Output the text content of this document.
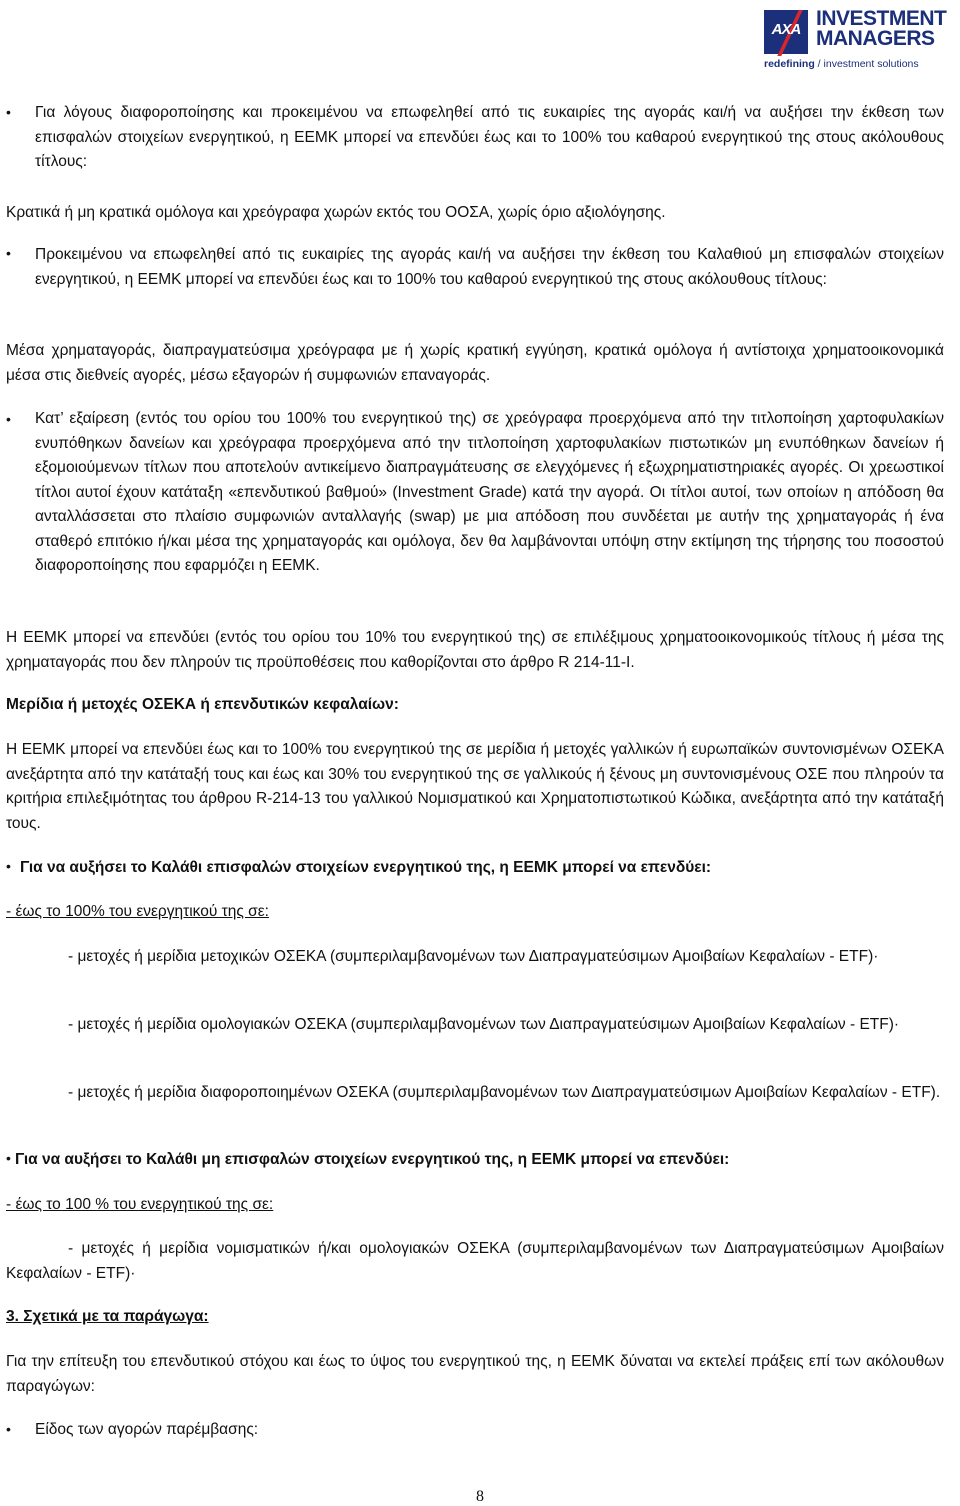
AXA INVESTMENT
MANAGERS
redefining / investment solutions
•	Για λόγους διαφοροποίησης και προκειμένου να επωφεληθεί από τις ευκαιρίες της αγοράς και/ή να αυξήσει την έκθεση των επισφαλών στοιχείων ενεργητικού, η ΕΕΜΚ μπορεί να επενδύει έως και το 100% του καθαρού ενεργητικού της στους ακόλουθους τίτλους:
Κρατικά ή μη κρατικά ομόλογα και χρεόγραφα χωρών εκτός του ΟΟΣΑ, χωρίς όριο αξιολόγησης.
•	Προκειμένου να επωφεληθεί από τις ευκαιρίες της αγοράς και/ή να αυξήσει την έκθεση του Καλαθιού μη επισφαλών στοιχείων ενεργητικού, η ΕΕΜΚ μπορεί να επενδύει έως και το 100% του καθαρού ενεργητικού της στους ακόλουθους τίτλους:
Μέσα χρηματαγοράς, διαπραγματεύσιμα χρεόγραφα με ή χωρίς κρατική εγγύηση, κρατικά ομόλογα ή αντίστοιχα χρηματοοικονομικά μέσα στις διεθνείς αγορές, μέσω εξαγορών ή συμφωνιών επαναγοράς.
•	Κατ’ εξαίρεση (εντός του ορίου του 100% του ενεργητικού της) σε χρεόγραφα προερχόμενα από την τιτλοποίηση χαρτοφυλακίων ενυπόθηκων δανείων και χρεόγραφα προερχόμενα από την τιτλοποίηση χαρτοφυλακίων πιστωτικών μη ενυπόθηκων δανείων ή εξομοιούμενων τίτλων που αποτελούν αντικείμενο διαπραγμάτευσης σε ελεγχόμενες ή εξωχρηματιστηριακές αγορές. Οι χρεωστικοί τίτλοι αυτοί έχουν κατάταξη «επενδυτικού βαθμού» (Investment Grade) κατά την αγορά. Οι τίτλοι αυτοί, των οποίων η απόδοση θα ανταλλάσσεται στο πλαίσιο συμφωνιών ανταλλαγής (swap) με μια απόδοση που συνδέεται με αυτήν της χρηματαγοράς ή ένα σταθερό επιτόκιο ή/και μέσα της χρηματαγοράς και ομόλογα, δεν θα λαμβάνονται υπόψη στην εκτίμηση της τήρησης του ποσοστού διαφοροποίησης που εφαρμόζει η ΕΕΜΚ.
Η ΕΕΜΚ μπορεί να επενδύει (εντός του ορίου του 10% του ενεργητικού της) σε επιλέξιμους χρηματοοικονομικούς τίτλους ή μέσα της χρηματαγοράς που δεν πληρούν τις προϋποθέσεις που καθορίζονται στο άρθρο R 214-11-I.
Μερίδια ή μετοχές ΟΣΕΚΑ ή επενδυτικών κεφαλαίων:
Η ΕΕΜΚ μπορεί να επενδύει έως και το 100% του ενεργητικού της σε μερίδια ή μετοχές γαλλικών ή ευρωπαϊκών συντονισμένων ΟΣΕΚΑ ανεξάρτητα από την κατάταξή τους και έως και 30% του ενεργητικού της σε γαλλικούς ή ξένους μη συντονισμένους ΟΣΕ που πληρούν τα κριτήρια επιλεξιμότητας του άρθρου R-214-13 του γαλλικού Νομισματικού και Χρηματοπιστωτικού Κώδικα, ανεξάρτητα από την κατάταξή τους.
• Για να αυξήσει το Καλάθι επισφαλών στοιχείων ενεργητικού της, η ΕΕΜΚ μπορεί να επενδύει:
- έως το 100% του ενεργητικού της σε:
- μετοχές ή μερίδια μετοχικών ΟΣΕΚΑ (συμπεριλαμβανομένων των Διαπραγματεύσιμων Αμοιβαίων Κεφαλαίων - ETF)·
- μετοχές ή μερίδια ομολογιακών ΟΣΕΚΑ (συμπεριλαμβανομένων των Διαπραγματεύσιμων Αμοιβαίων Κεφαλαίων - ETF)·
- μετοχές ή μερίδια διαφοροποιημένων ΟΣΕΚΑ (συμπεριλαμβανομένων των Διαπραγματεύσιμων Αμοιβαίων Κεφαλαίων - ETF).
• Για να αυξήσει το Καλάθι μη επισφαλών στοιχείων ενεργητικού της, η ΕΕΜΚ μπορεί να επενδύει:
- έως το 100 % του ενεργητικού της σε:
- μετοχές ή μερίδια νομισματικών ή/και ομολογιακών ΟΣΕΚΑ (συμπεριλαμβανομένων των Διαπραγματεύσιμων Αμοιβαίων Κεφαλαίων - ETF)·
3. Σχετικά με τα παράγωγα:
Για την επίτευξη του επενδυτικού στόχου και έως το ύψος του ενεργητικού της, η ΕΕΜΚ δύναται να εκτελεί πράξεις επί των ακόλουθων παραγώγων:
•	Είδος των αγορών παρέμβασης:
8
